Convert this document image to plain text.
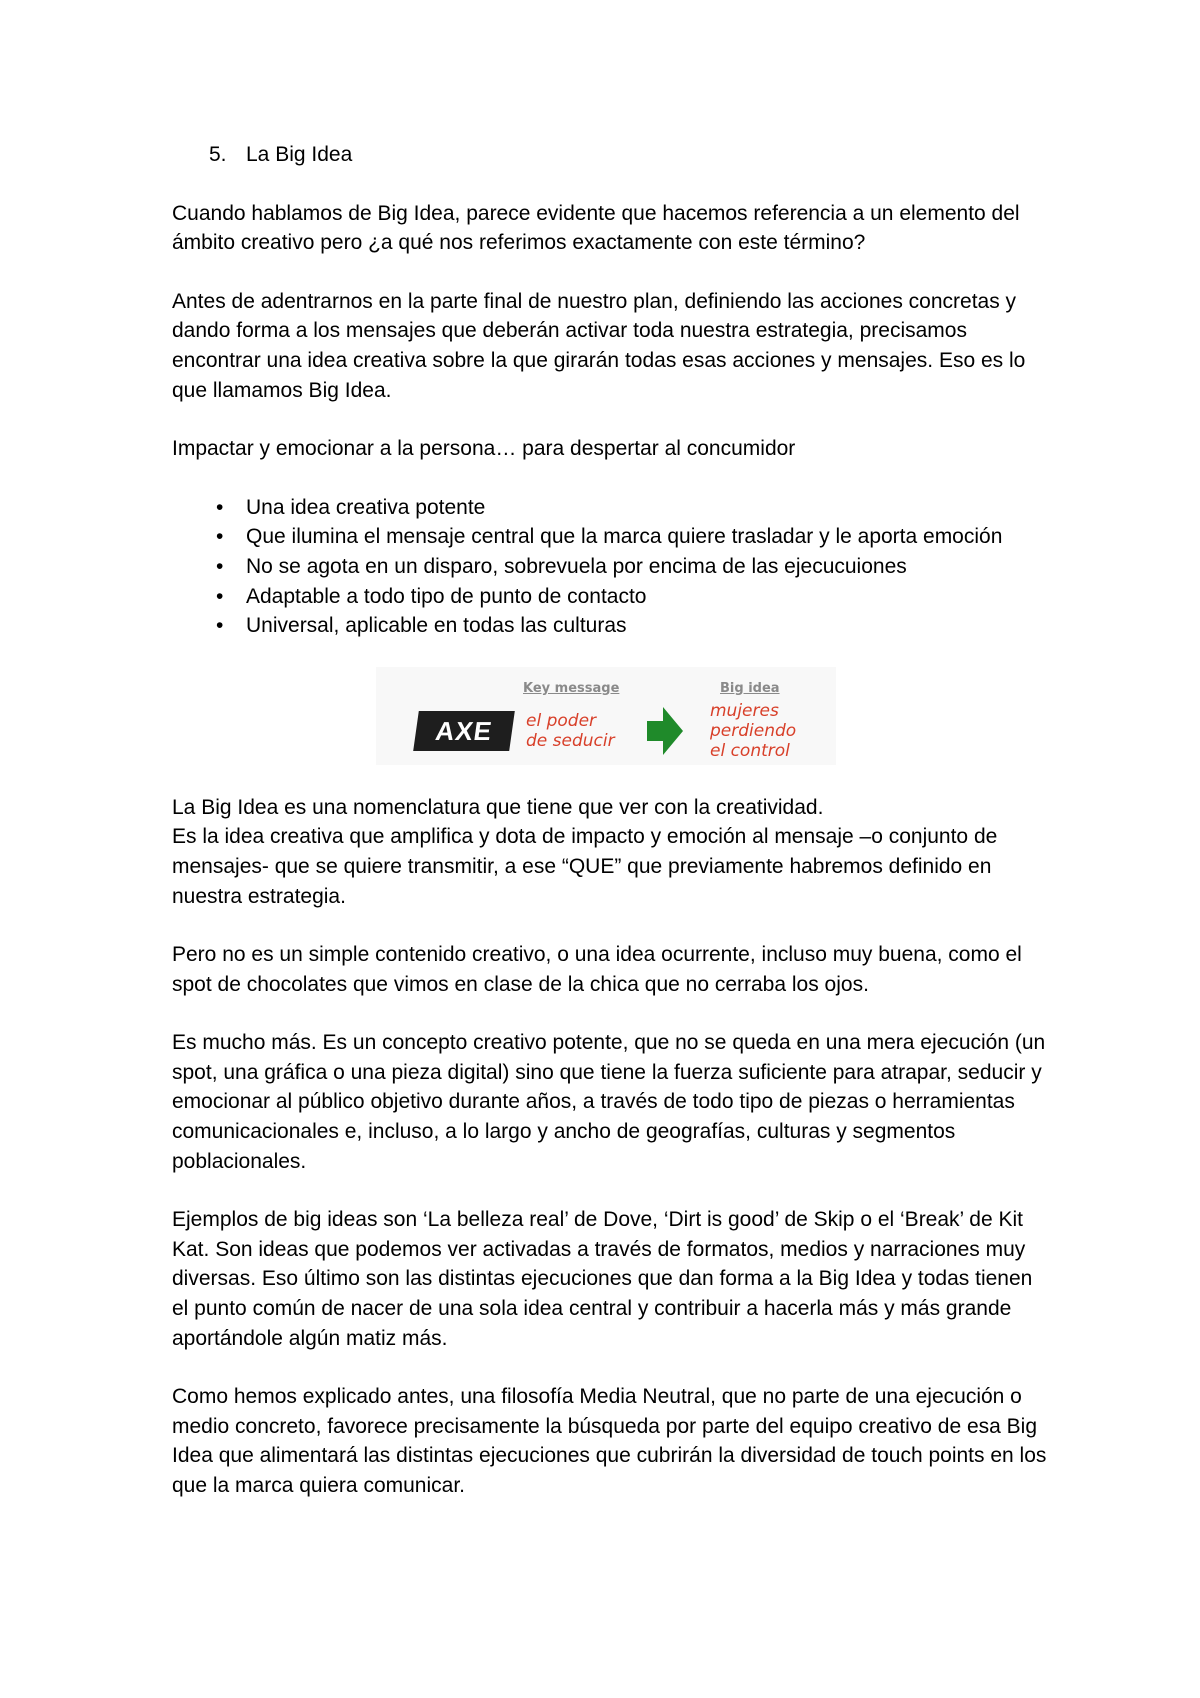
5. La Big Idea

Cuando hablamos de Big Idea, parece evidente que hacemos referencia a un elemento del ámbito creativo pero ¿a qué nos referimos exactamente con este término?

Antes de adentrarnos en la parte final de nuestro plan, definiendo las acciones concretas y dando forma a los mensajes que deberán activar toda nuestra estrategia, precisamos encontrar una idea creativa sobre la que girarán todas esas acciones y mensajes. Eso es lo que llamamos Big Idea.

Impactar y emocionar a la persona… para despertar al concumidor

• Una idea creativa potente
• Que ilumina el mensaje central que la marca quiere trasladar y le aporta emoción
• No se agota en un disparo, sobrevuela por encima de las ejecucuiones
• Adaptable a todo tipo de punto de contacto
• Universal, aplicable en todas las culturas
AXE
Key message
el poder
de seducir
Big idea
mujeres
perdiendo
el control

La Big Idea es una nomenclatura que tiene que ver con la creatividad.
Es la idea creativa que amplifica y dota de impacto y emoción al mensaje –o conjunto de mensajes- que se quiere transmitir, a ese “QUE” que previamente habremos definido en nuestra estrategia.

Pero no es un simple contenido creativo, o una idea ocurrente, incluso muy buena, como el spot de chocolates que vimos en clase de la chica que no cerraba los ojos.

Es mucho más. Es un concepto creativo potente, que no se queda en una mera ejecución (un spot, una gráfica o una pieza digital) sino que tiene la fuerza suficiente para atrapar, seducir y emocionar al público objetivo durante años, a través de todo tipo de piezas o herramientas comunicacionales e, incluso, a lo largo y ancho de geografías, culturas y segmentos poblacionales.

Ejemplos de big ideas son ‘La belleza real’ de Dove, ‘Dirt is good’ de Skip o el ‘Break’ de Kit Kat. Son ideas que podemos ver activadas a través de formatos, medios y narraciones muy diversas. Eso último son las distintas ejecuciones que dan forma a la Big Idea y todas tienen el punto común de nacer de una sola idea central y contribuir a hacerla más y más grande aportándole algún matiz más.

Como hemos explicado antes, una filosofía Media Neutral, que no parte de una ejecución o medio concreto, favorece precisamente la búsqueda por parte del equipo creativo de esa Big Idea que alimentará las distintas ejecuciones que cubrirán la diversidad de touch points en los que la marca quiera comunicar.
